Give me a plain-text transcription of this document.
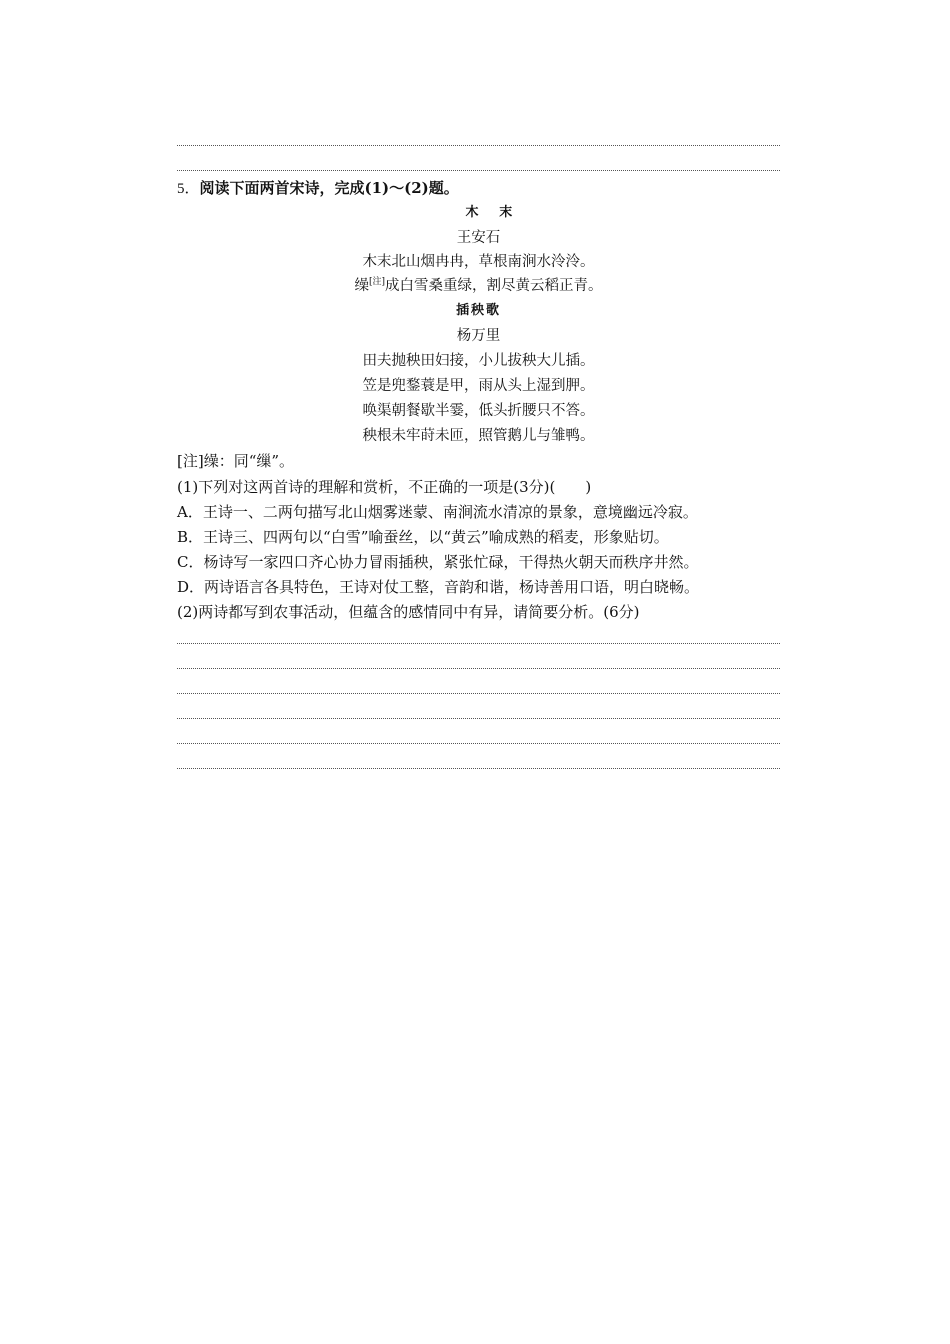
5．阅读下面两首宋诗，完成(1)～(2)题。
木末
王安石
木末北山烟冉冉，草根南涧水泠泠。
缲[注]成白雪桑重绿，割尽黄云稻正青。
插秧歌
杨万里
田夫抛秧田妇接，小儿拔秧大儿插。
笠是兜鍪蓑是甲，雨从头上湿到胛。
唤渠朝餐歇半霎，低头折腰只不答。
秧根未牢莳未匝，照管鹅儿与雏鸭。
[注]缲：同“缫”。
(1)下列对这两首诗的理解和赏析，不正确的一项是(3分)(　　)
A．王诗一、二两句描写北山烟雾迷蒙、南涧流水清凉的景象，意境幽远冷寂。
B．王诗三、四两句以“白雪”喻蚕丝，以“黄云”喻成熟的稻麦，形象贴切。
C．杨诗写一家四口齐心协力冒雨插秧，紧张忙碌，干得热火朝天而秩序井然。
D．两诗语言各具特色，王诗对仗工整，音韵和谐，杨诗善用口语，明白晓畅。
(2)两诗都写到农事活动，但蕴含的感情同中有异，请简要分析。(6分)
